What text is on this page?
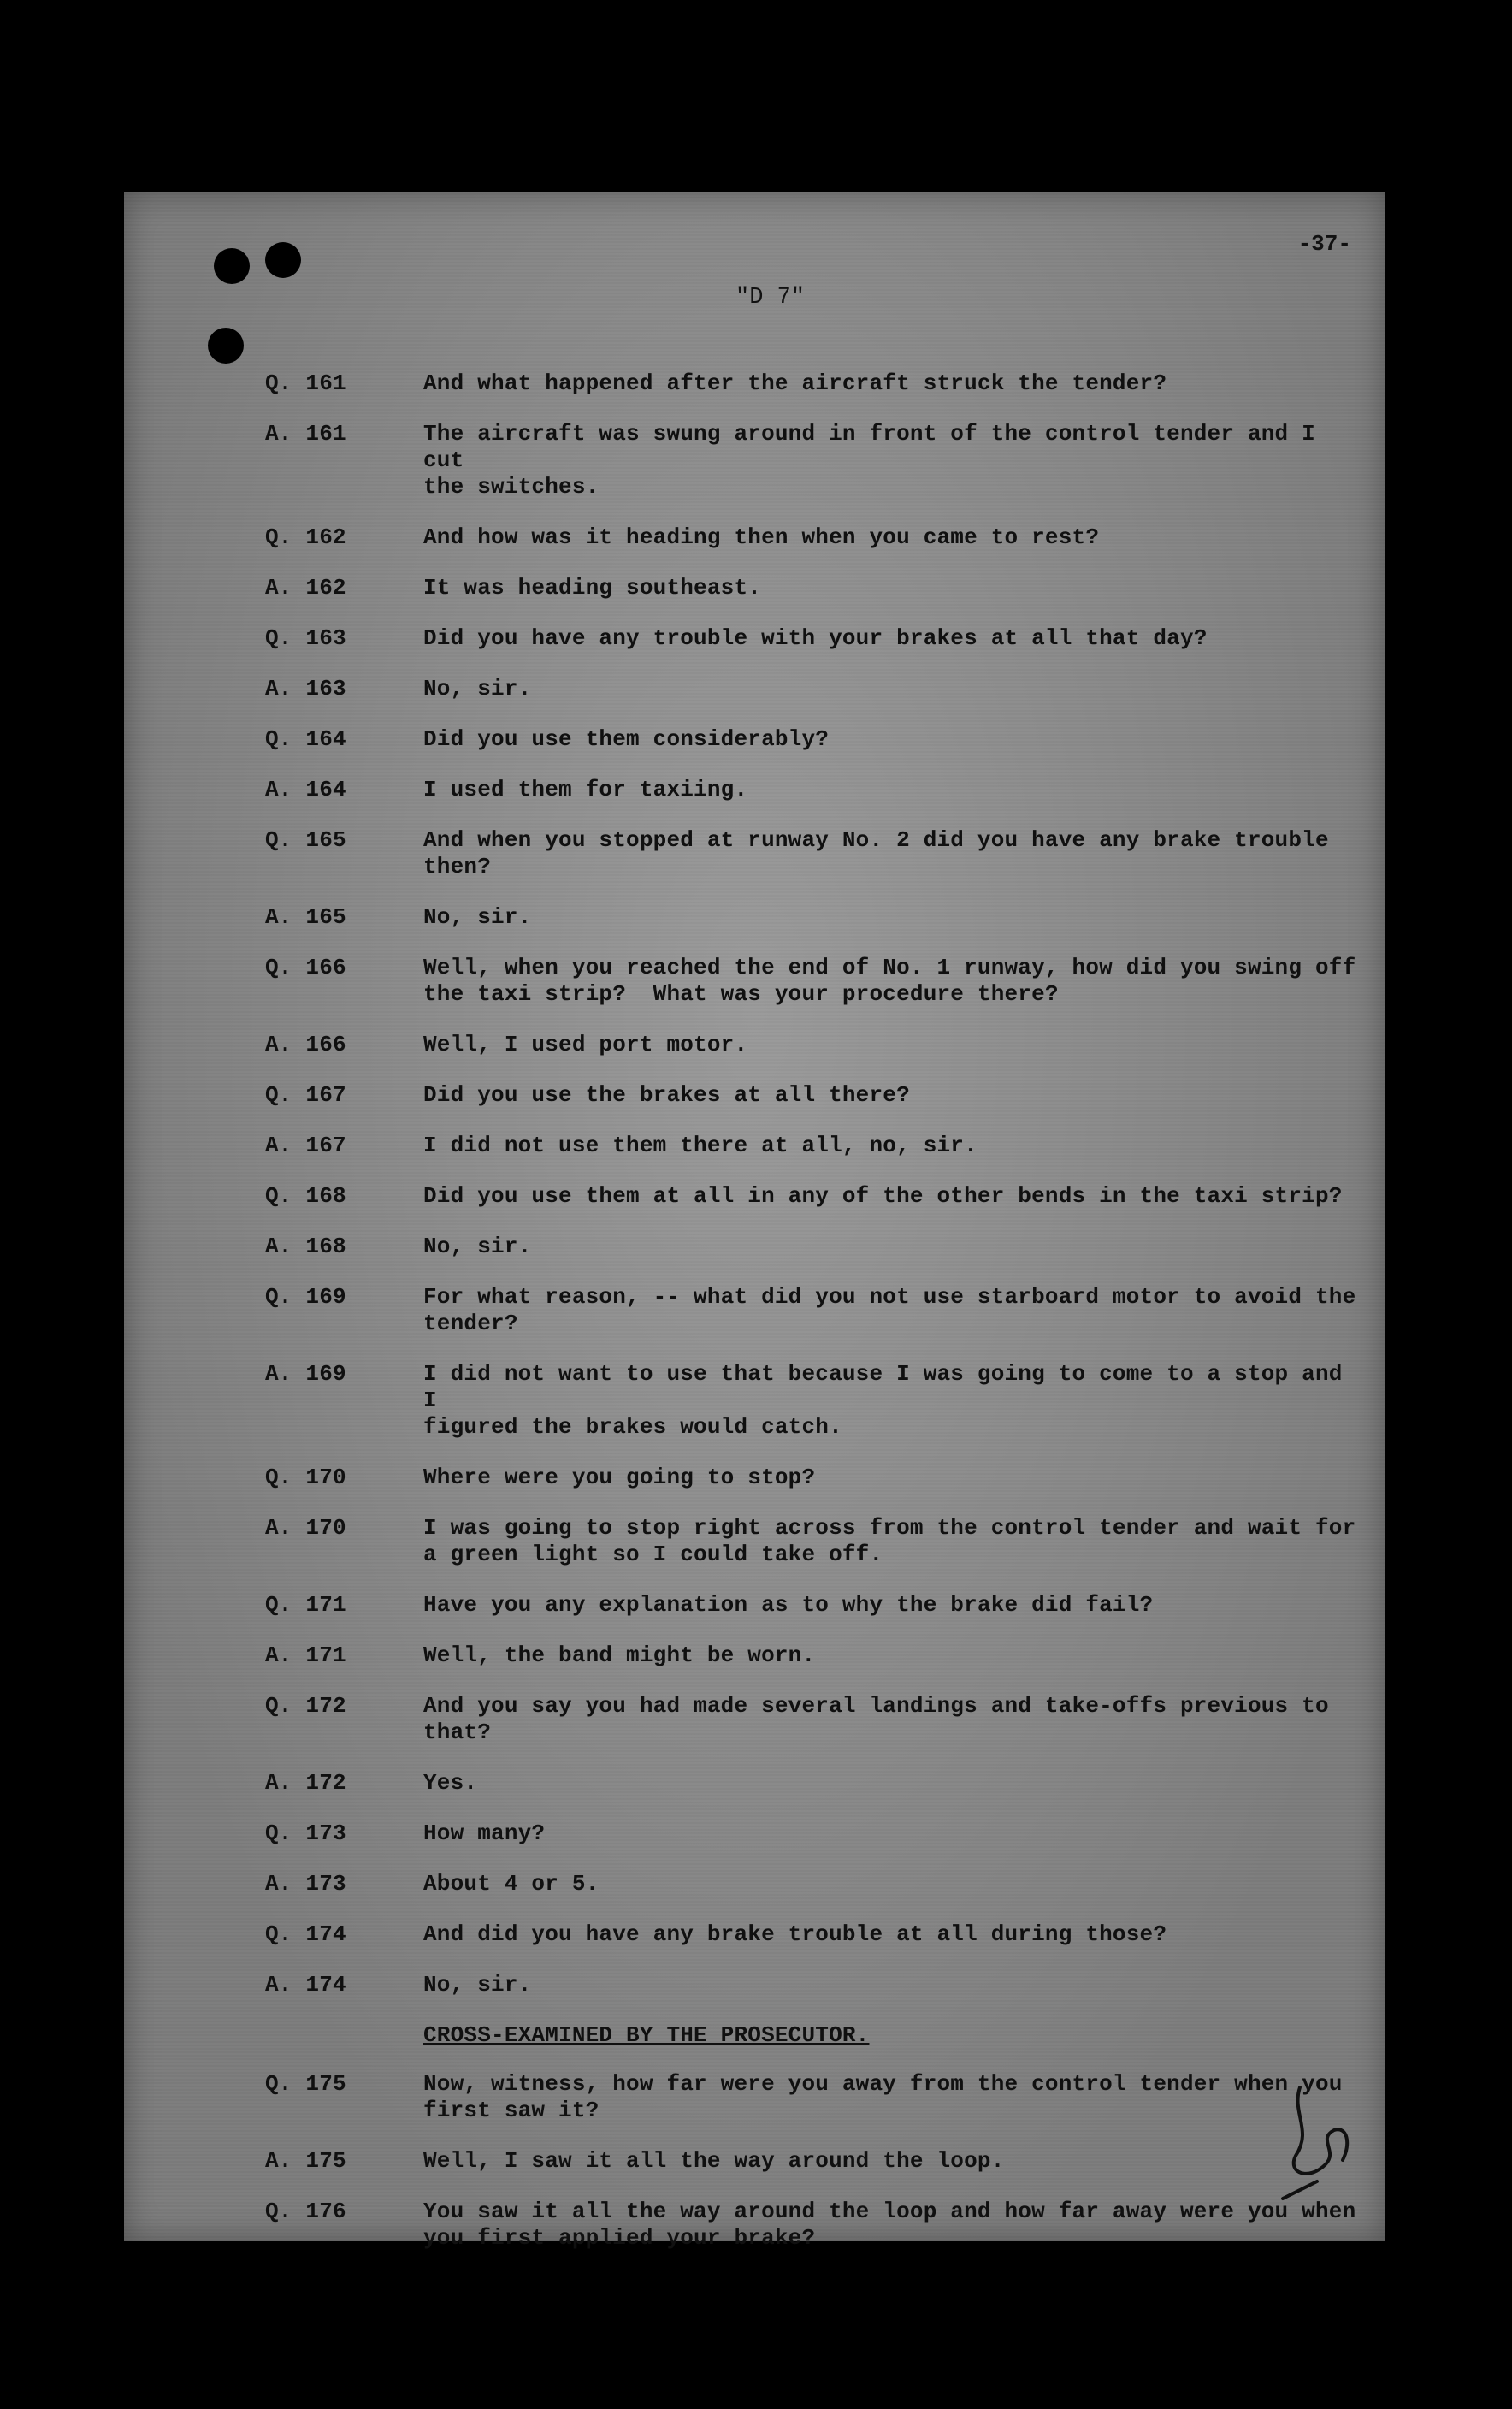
-37-
"D 7"
Q. 161	And what happened after the aircraft struck the tender?
A. 161	The aircraft was swung around in front of the control tender and I cut
the switches.
Q. 162	And how was it heading then when you came to rest?
A. 162	It was heading southeast.
Q. 163	Did you have any trouble with your brakes at all that day?
A. 163	No, sir.
Q. 164	Did you use them considerably?
A. 164	I used them for taxiing.
Q. 165	And when you stopped at runway No. 2 did you have any brake trouble then?
A. 165	No, sir.
Q. 166	Well, when you reached the end of No. 1 runway, how did you swing off
the taxi strip?  What was your procedure there?
A. 166	Well, I used port motor.
Q. 167	Did you use the brakes at all there?
A. 167	I did not use them there at all, no, sir.
Q. 168	Did you use them at all in any of the other bends in the taxi strip?
A. 168	No, sir.
Q. 169	For what reason, -- what did you not use starboard motor to avoid the
tender?
A. 169	I did not want to use that because I was going to come to a stop and I
figured the brakes would catch.
Q. 170	Where were you going to stop?
A. 170	I was going to stop right across from the control tender and wait for
a green light so I could take off.
Q. 171	Have you any explanation as to why the brake did fail?
A. 171	Well, the band might be worn.
Q. 172	And you say you had made several landings and take-offs previous to that?
A. 172	Yes.
Q. 173	How many?
A. 173	About 4 or 5.
Q. 174	And did you have any brake trouble at all during those?
A. 174	No, sir.
CROSS-EXAMINED BY THE PROSECUTOR.
Q. 175	Now, witness, how far were you away from the control tender when you
first saw it?
A. 175	Well, I saw it all the way around the loop.
Q. 176	You saw it all the way around the loop and how far away were you when
you first applied your brake?
